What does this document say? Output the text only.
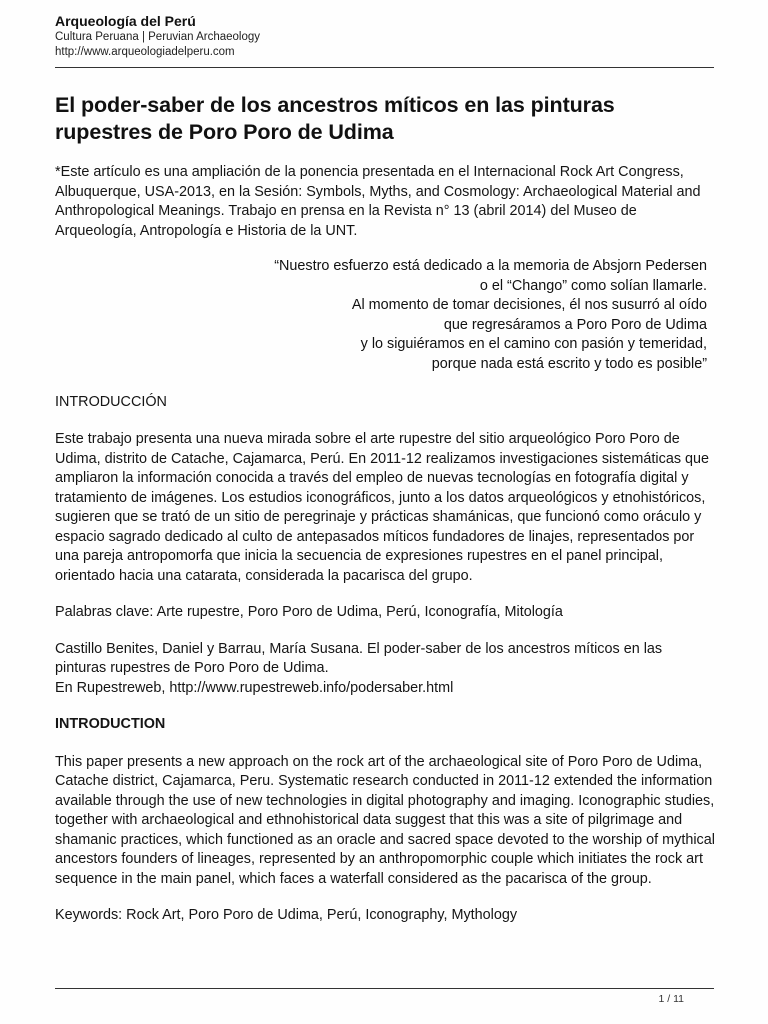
Arqueología del Perú
Cultura Peruana | Peruvian Archaeology
http://www.arqueologiadelperu.com
El poder-saber de los ancestros míticos en las pinturas rupestres de Poro Poro de Udima

*Este artículo es una ampliación de la ponencia presentada en el Internacional Rock Art Congress, Albuquerque, USA-2013, en la Sesión: Symbols, Myths, and Cosmology: Archaeological Material and Anthropological Meanings. Trabajo en prensa en la Revista n° 13 (abril 2014) del Museo de Arqueología, Antropología e Historia de la UNT.

“Nuestro esfuerzo está dedicado a la memoria de Absjorn Pedersen
o el “Chango” como solían llamarle.
Al momento de tomar decisiones, él nos susurró al oído
que regresáramos a Poro Poro de Udima
y lo siguiéramos en el camino con pasión y temeridad,
porque nada está escrito y todo es posible”

INTRODUCCIÓN

Este trabajo presenta una nueva mirada sobre el arte rupestre del sitio arqueológico Poro Poro de Udima, distrito de Catache, Cajamarca, Perú. En 2011-12 realizamos investigaciones sistemáticas que ampliaron la información conocida a través del empleo de nuevas tecnologías en fotografía digital y tratamiento de imágenes. Los estudios iconográficos, junto a los datos arqueológicos y etnohistóricos, sugieren que se trató de un sitio de peregrinaje y prácticas shamánicas, que funcionó como oráculo y espacio sagrado dedicado al culto de antepasados míticos fundadores de linajes, representados por una pareja antropomorfa que inicia la secuencia de expresiones rupestres en el panel principal, orientado hacia una catarata, considerada la pacarisca del grupo.

Palabras clave: Arte rupestre, Poro Poro de Udima, Perú, Iconografía, Mitología

Castillo Benites, Daniel y Barrau, María Susana. El poder-saber de los ancestros míticos en las pinturas rupestres de Poro Poro de Udima.

En Rupestreweb, http://www.rupestreweb.info/podersaber.html

INTRODUCTION

This paper presents a new approach on the rock art of the archaeological site of Poro Poro de Udima, Catache district, Cajamarca, Peru. Systematic research conducted in 2011-12 extended the information available through the use of new technologies in digital photography and imaging. Iconographic studies, together with archaeological and ethnohistorical data suggest that this was a site of pilgrimage and shamanic practices, which functioned as an oracle and sacred space devoted to the worship of mythical ancestors founders of lineages, represented by an anthropomorphic couple which initiates the rock art sequence in the main panel, which faces a waterfall considered as the pacarisca of the group.

Keywords: Rock Art, Poro Poro de Udima, Perú, Iconography, Mythology

1 / 11
